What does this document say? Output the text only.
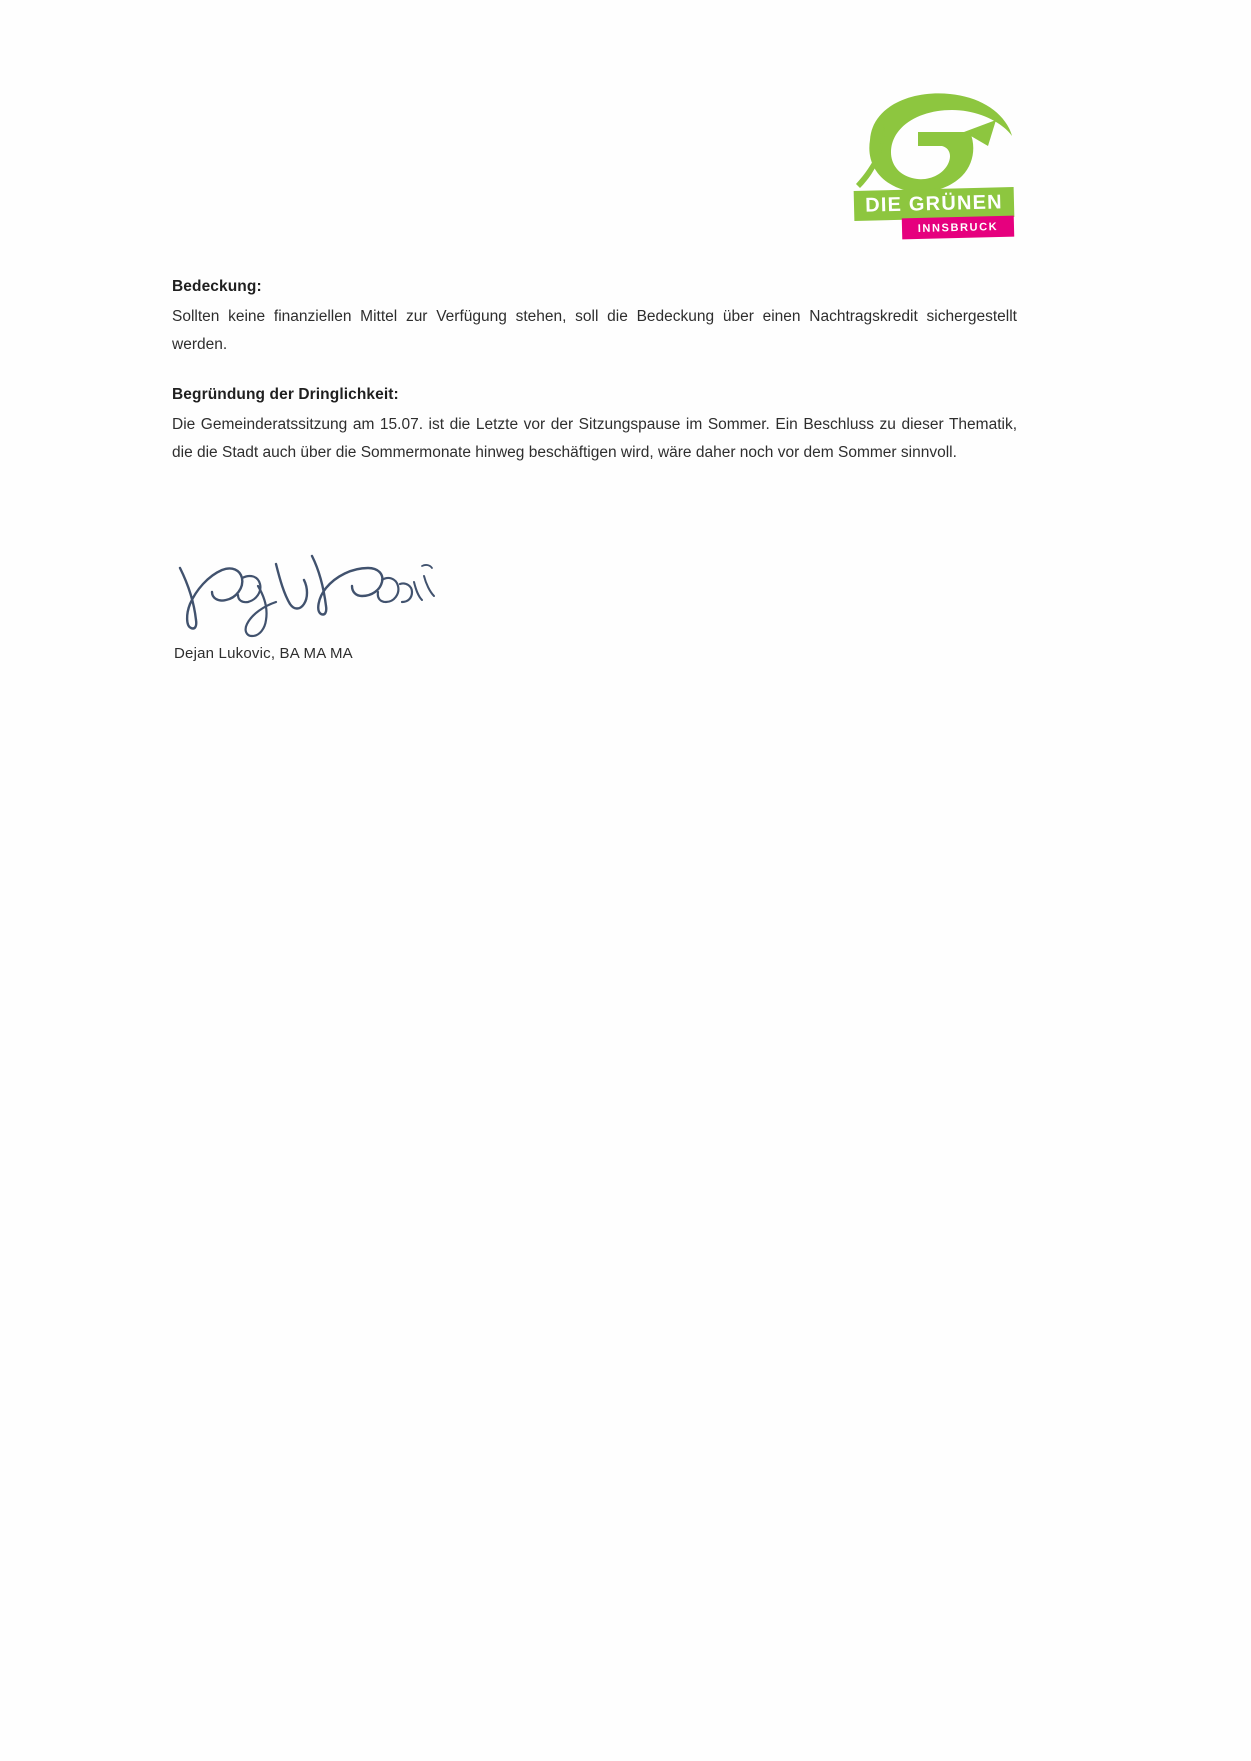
DIE GRÜNEN
INNSBRUCK

Bedeckung:

Sollten keine finanziellen Mittel zur Verfügung stehen, soll die Bedeckung über einen Nachtragskredit sichergestellt werden.

Begründung der Dringlichkeit:

Die Gemeinderatssitzung am 15.07. ist die Letzte vor der Sitzungspause im Sommer. Ein Beschluss zu dieser Thematik, die die Stadt auch über die Sommermonate hinweg beschäftigen wird, wäre daher noch vor dem Sommer sinnvoll.

Dejan Lukovic, BA MA MA
